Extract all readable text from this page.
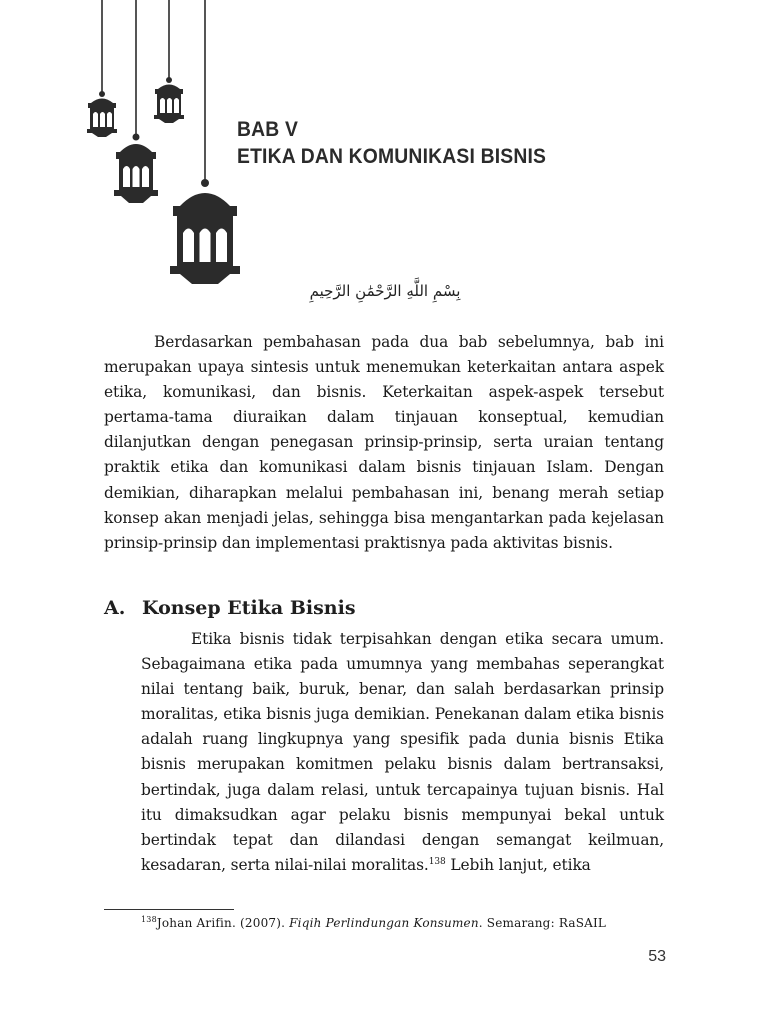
BAB V
ETIKA DAN KOMUNIKASI BISNIS
بِسْمِ اللَّهِ الرَّحْمَٰنِ الرَّحِيمِ

Berdasarkan pembahasan pada dua bab sebelumnya, bab ini merupakan upaya sintesis untuk menemukan keterkaitan antara aspek etika, komunikasi, dan bisnis. Keterkaitan aspek-aspek tersebut pertama-tama diuraikan dalam tinjauan konseptual, kemudian dilanjutkan dengan penegasan prinsip-prinsip, serta uraian tentang praktik etika dan komunikasi dalam bisnis tinjauan Islam. Dengan demikian, diharapkan melalui pembahasan ini, benang merah setiap konsep akan menjadi jelas, sehingga bisa mengantarkan pada kejelasan prinsip-prinsip dan implementasi praktisnya pada aktivitas bisnis.

A. Konsep Etika Bisnis

Etika bisnis tidak terpisahkan dengan etika secara umum. Sebagaimana etika pada umumnya yang membahas seperangkat nilai tentang baik, buruk, benar, dan salah berdasarkan prinsip moralitas, etika bisnis juga demikian. Penekanan dalam etika bisnis adalah ruang lingkupnya yang spesifik pada dunia bisnis Etika bisnis merupakan komitmen pelaku bisnis dalam bertransaksi, bertindak, juga dalam relasi, untuk tercapainya tujuan bisnis. Hal itu dimaksudkan agar pelaku bisnis mempunyai bekal untuk bertindak tepat dan dilandasi dengan semangat keilmuan, kesadaran, serta nilai-nilai moralitas.$^{138}$ Lebih lanjut, etika

$^{138}$Johan Arifin. (2007). Fiqih Perlindungan Konsumen. Semarang: RaSAIL
53
